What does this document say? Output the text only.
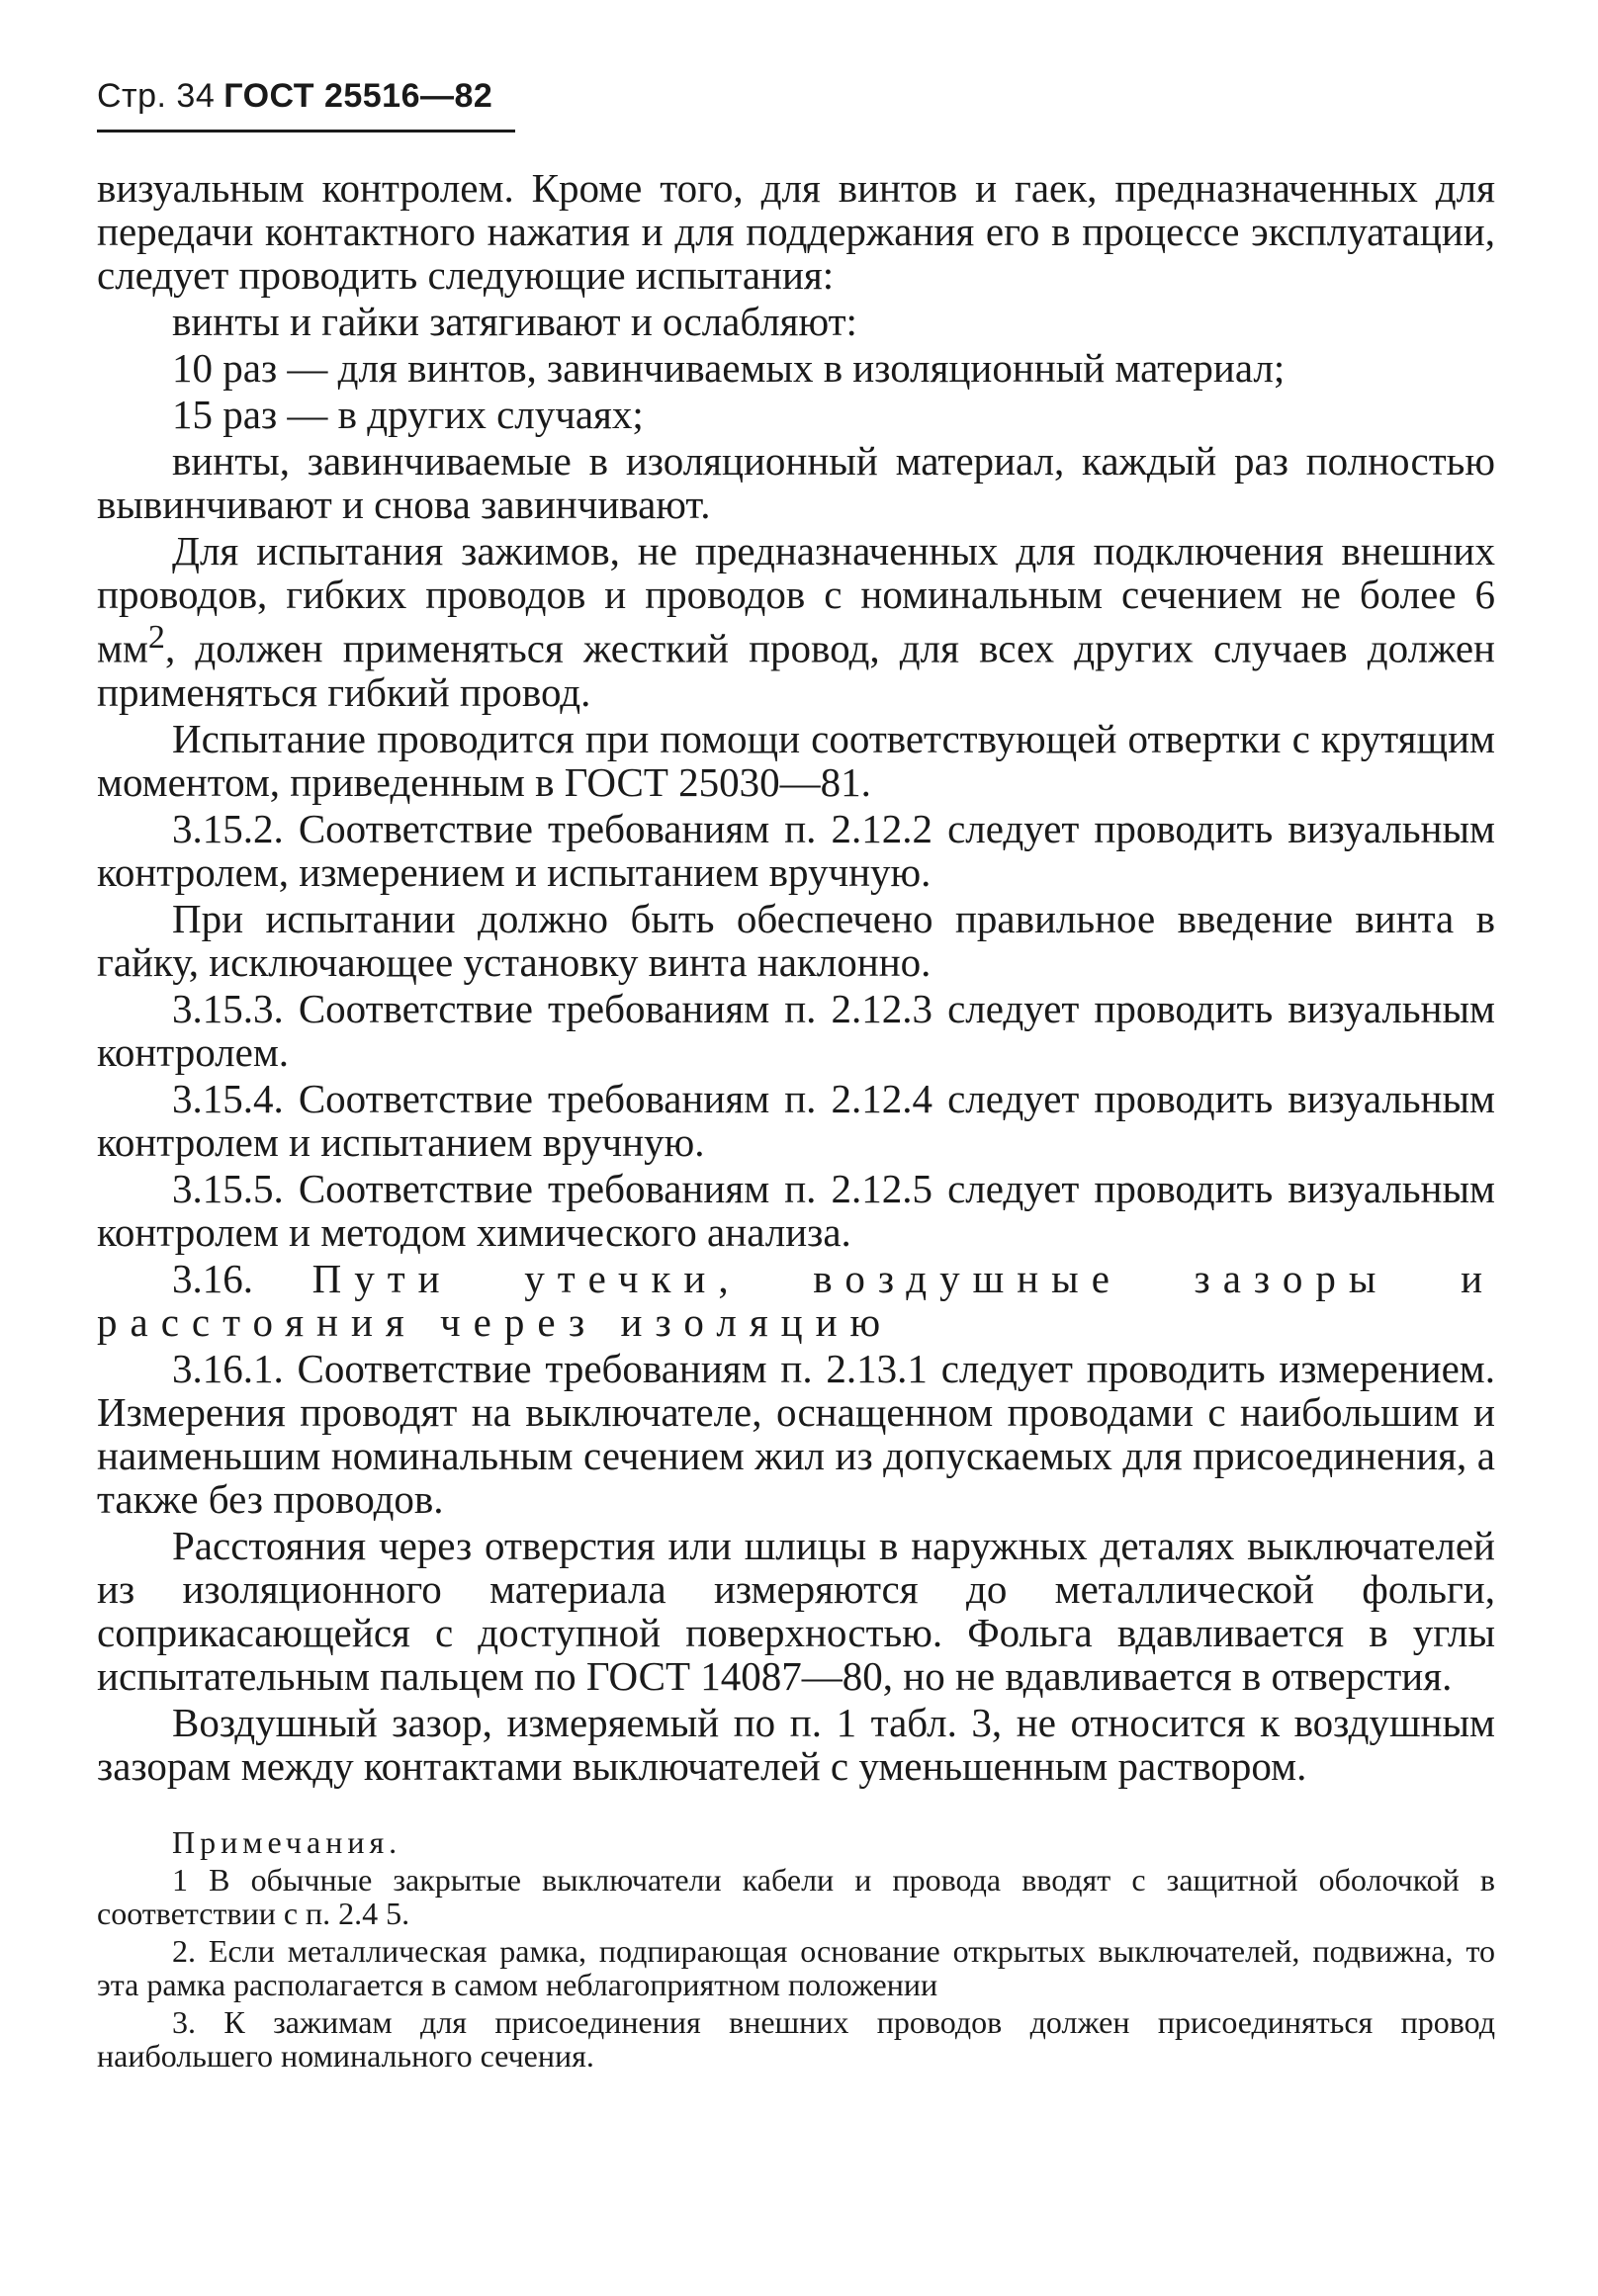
Стр. 34 ГОСТ 25516—82

визуальным контролем. Кроме того, для винтов и гаек, предназначенных для передачи контактного нажатия и для поддержания его в процессе эксплуатации, следует проводить следующие испытания:

винты и гайки затягивают и ослабляют:

10 раз — для винтов, завинчиваемых в изоляционный материал;

15 раз — в других случаях;

винты, завинчиваемые в изоляционный материал, каждый раз полностью вывинчивают и снова завинчивают.

Для испытания зажимов, не предназначенных для подключения внешних проводов, гибких проводов и проводов с номинальным сечением не более 6 $мм^2$, должен применяться жесткий провод, для всех других случаев должен применяться гибкий провод.

Испытание проводится при помощи соответствующей отвертки с крутящим моментом, приведенным в ГОСТ 25030—81.

3.15.2. Соответствие требованиям п. 2.12.2 следует проводить визуальным контролем, измерением и испытанием вручную.

При испытании должно быть обеспечено правильное введение винта в гайку, исключающее установку винта наклонно.

3.15.3. Соответствие требованиям п. 2.12.3 следует проводить визуальным контролем.

3.15.4. Соответствие требованиям п. 2.12.4 следует проводить визуальным контролем и испытанием вручную.

3.15.5. Соответствие требованиям п. 2.12.5 следует проводить визуальным контролем и методом химического анализа.

3.16. Пути утечки, воздушные зазоры и расстояния через изоляцию

3.16.1. Соответствие требованиям п. 2.13.1 следует проводить измерением. Измерения проводят на выключателе, оснащенном проводами с наибольшим и наименьшим номинальным сечением жил из допускаемых для присоединения, а также без проводов.

Расстояния через отверстия или шлицы в наружных деталях выключателей из изоляционного материала измеряются до металлической фольги, соприкасающейся с доступной поверхностью. Фольга вдавливается в углы испытательным пальцем по ГОСТ 14087—80, но не вдавливается в отверстия.

Воздушный зазор, измеряемый по п. 1 табл. 3, не относится к воздушным зазорам между контактами выключателей с уменьшенным раствором.

Примечания.

1 В обычные закрытые выключатели кабели и провода вводят с защитной оболочкой в соответствии с п. 2.4 5.

2. Если металлическая рамка, подпирающая основание открытых выключателей, подвижна, то эта рамка располагается в самом неблагоприятном положении

3. К зажимам для присоединения внешних проводов должен присоединяться провод наибольшего номинального сечения.
